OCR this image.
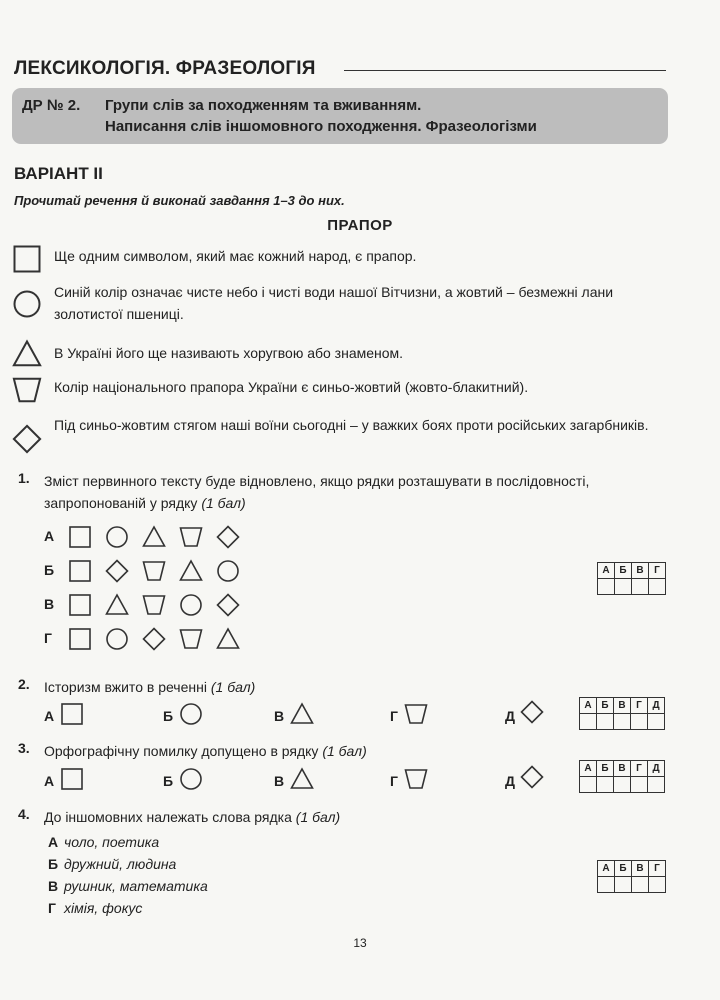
ЛЕКСИКОЛОГІЯ. ФРАЗЕОЛОГІЯ
ДР № 2. Групи слів за походженням та вживанням.
Написання слів іншомовного походження. Фразеологізми
ВАРІАНТ ІІ
Прочитай речення й виконай завдання 1–3 до них.
ПРАПОР
Ще одним символом, який має кожний народ, є прапор.
Синій колір означає чисте небо і чисті води нашої Вітчизни, а жовтий – безмежні лани золотистої пшениці.
В Україні його ще називають хоругвою або знаменом.
Колір національного прапора України є синьо-жовтий (жовто-блакитний).
Під синьо-жовтим стягом наші воїни сьогодні – у важких боях проти російських загарбників.
1. Зміст первинного тексту буде відновлено, якщо рядки розташувати в послідовності, запропонованій у рядку (1 бал)
А
Б
В
Г
А	Б	В	Г

2. Історизм вжито в реченні (1 бал)
А	Б	В	Г	Д
А	Б	В	Г	Д

3. Орфографічну помилку допущено в рядку (1 бал)
А	Б	В	Г	Д
А	Б	В	Г	Д

4. До іншомовних належать слова рядка (1 бал)
А чоло, поетика
Б дружний, людина
В рушник, математика
Г хімія, фокус
А	Б	В	Г

13
